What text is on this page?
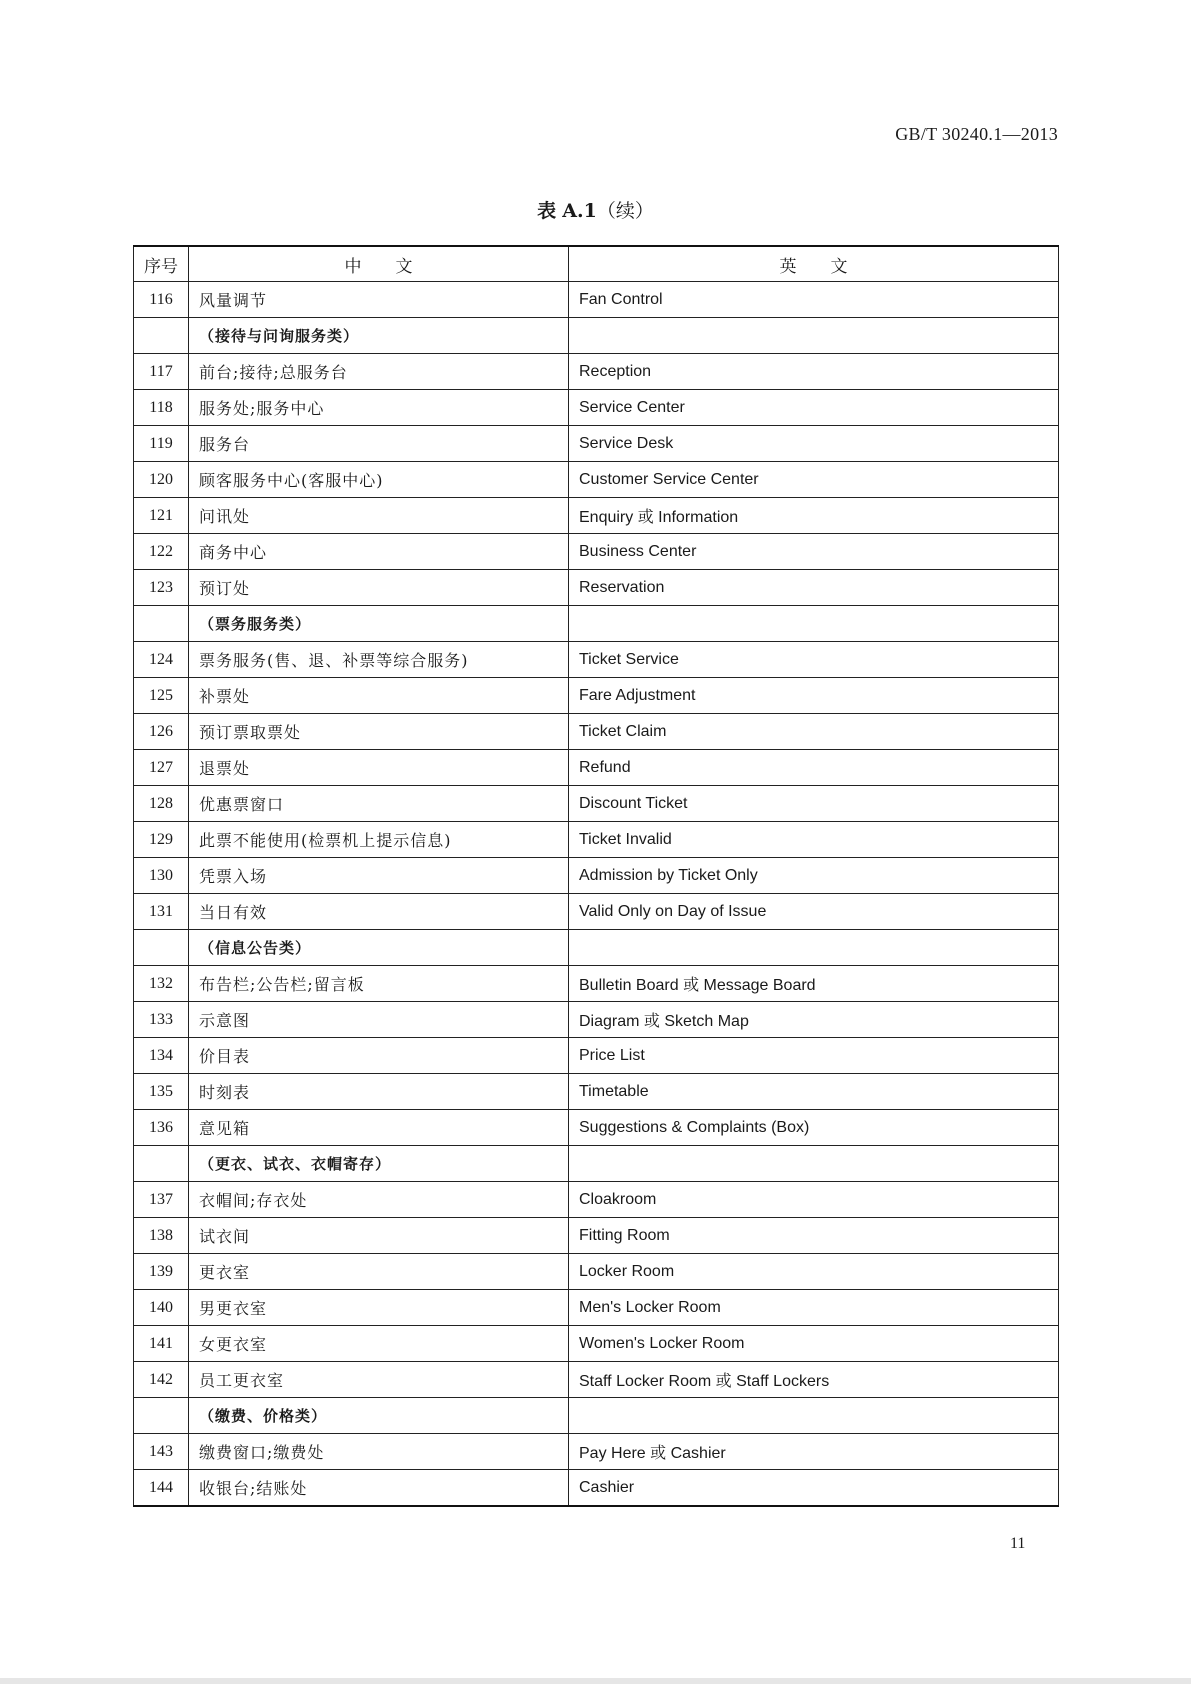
GB/T 30240.1—2013
表 A.1（续）
序号	中　　文	英　　文
116	风量调节	Fan Control
	（接待与问询服务类）	
117	前台;接待;总服务台	Reception
118	服务处;服务中心	Service Center
119	服务台	Service Desk
120	顾客服务中心(客服中心)	Customer Service Center
121	问讯处	Enquiry 或 Information
122	商务中心	Business Center
123	预订处	Reservation
	（票务服务类）	
124	票务服务(售、退、补票等综合服务)	Ticket Service
125	补票处	Fare Adjustment
126	预订票取票处	Ticket Claim
127	退票处	Refund
128	优惠票窗口	Discount Ticket
129	此票不能使用(检票机上提示信息)	Ticket Invalid
130	凭票入场	Admission by Ticket Only
131	当日有效	Valid Only on Day of Issue
	（信息公告类）	
132	布告栏;公告栏;留言板	Bulletin Board 或 Message Board
133	示意图	Diagram 或 Sketch Map
134	价目表	Price List
135	时刻表	Timetable
136	意见箱	Suggestions & Complaints (Box)
	（更衣、试衣、衣帽寄存）	
137	衣帽间;存衣处	Cloakroom
138	试衣间	Fitting Room
139	更衣室	Locker Room
140	男更衣室	Men's Locker Room
141	女更衣室	Women's Locker Room
142	员工更衣室	Staff Locker Room 或 Staff Lockers
	（缴费、价格类）	
143	缴费窗口;缴费处	Pay Here 或 Cashier
144	收银台;结账处	Cashier
11
